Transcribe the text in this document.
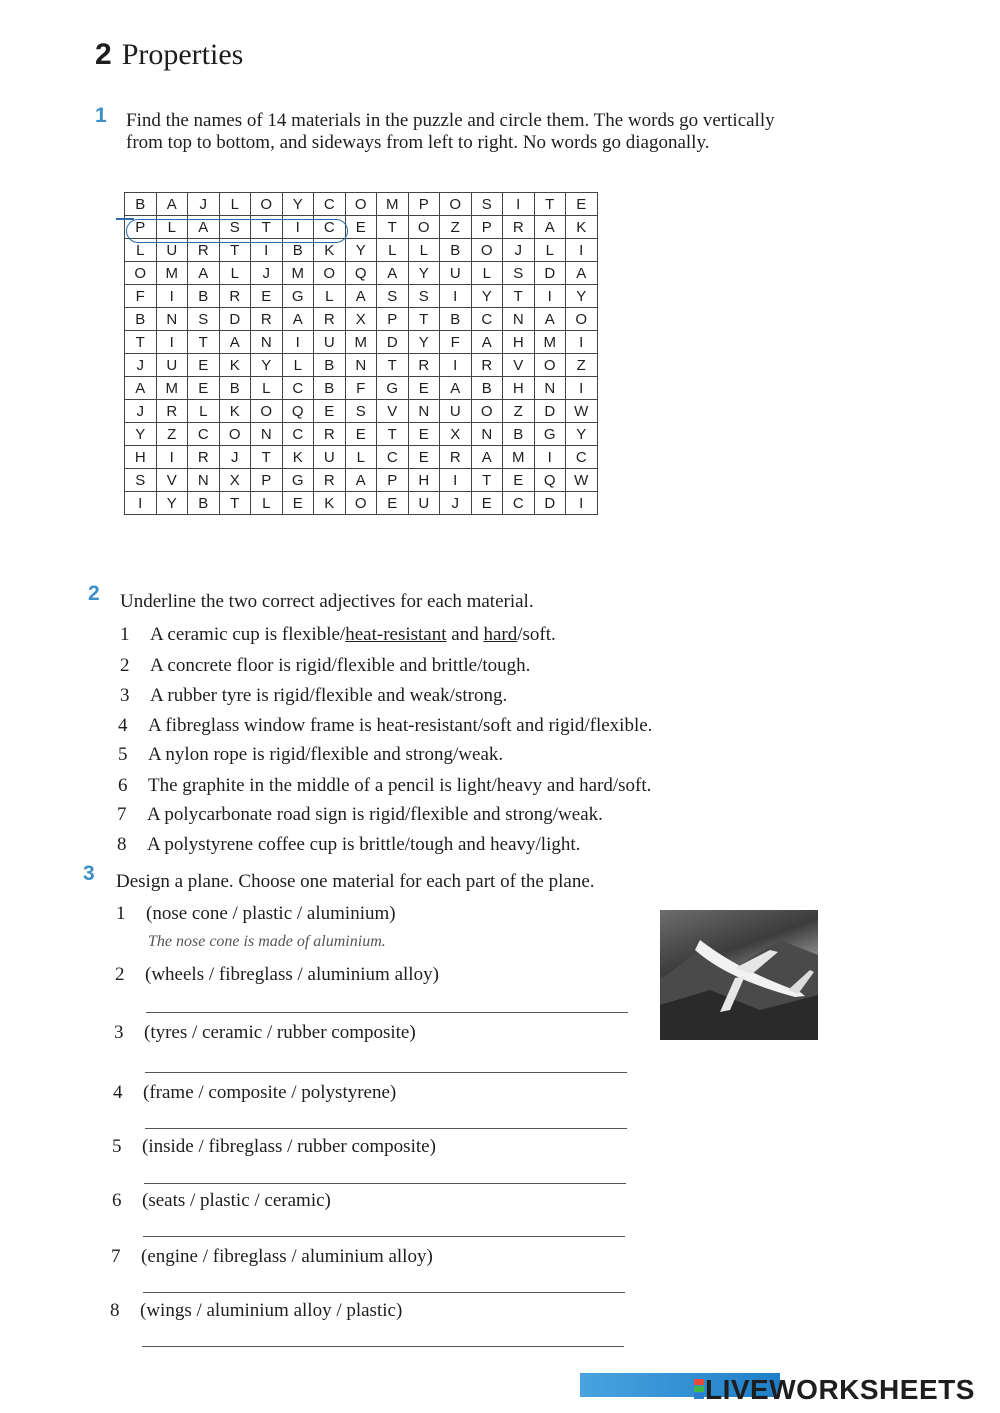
2 Properties
1 Find the names of 14 materials in the puzzle and circle them. The words go vertically from top to bottom, and sideways from left to right. No words go diagonally.
B	A	J	L	O	Y	C	O	M	P	O	S	I	T	E
P	L	A	S	T	I	C	E	T	O	Z	P	R	A	K
L	U	R	T	I	B	K	Y	L	L	B	O	J	L	I
O	M	A	L	J	M	O	Q	A	Y	U	L	S	D	A
F	I	B	R	E	G	L	A	S	S	I	Y	T	I	Y
B	N	S	D	R	A	R	X	P	T	B	C	N	A	O
T	I	T	A	N	I	U	M	D	Y	F	A	H	M	I
J	U	E	K	Y	L	B	N	T	R	I	R	V	O	Z
A	M	E	B	L	C	B	F	G	E	A	B	H	N	I
J	R	L	K	O	Q	E	S	V	N	U	O	Z	D	W
Y	Z	C	O	N	C	R	E	T	E	X	N	B	G	Y
H	I	R	J	T	K	U	L	C	E	R	A	M	I	C
S	V	N	X	P	G	R	A	P	H	I	T	E	Q	W
I	Y	B	T	L	E	K	O	E	U	J	E	C	D	I
2 Underline the two correct adjectives for each material.
1 A ceramic cup is flexible/heat-resistant and hard/soft.
2 A concrete floor is rigid/flexible and brittle/tough.
3 A rubber tyre is rigid/flexible and weak/strong.
4 A fibreglass window frame is heat-resistant/soft and rigid/flexible.
5 A nylon rope is rigid/flexible and strong/weak.
6 The graphite in the middle of a pencil is light/heavy and hard/soft.
7 A polycarbonate road sign is rigid/flexible and strong/weak.
8 A polystyrene coffee cup is brittle/tough and heavy/light.
3 Design a plane. Choose one material for each part of the plane.
1 (nose cone / plastic / aluminium)
The nose cone is made of aluminium.
2 (wheels / fibreglass / aluminium alloy)
3 (tyres / ceramic / rubber composite)
4 (frame / composite / polystyrene)
5 (inside / fibreglass / rubber composite)
6 (seats / plastic / ceramic)
7 (engine / fibreglass / aluminium alloy)
8 (wings / aluminium alloy / plastic)
LIVEWORKSHEETS
